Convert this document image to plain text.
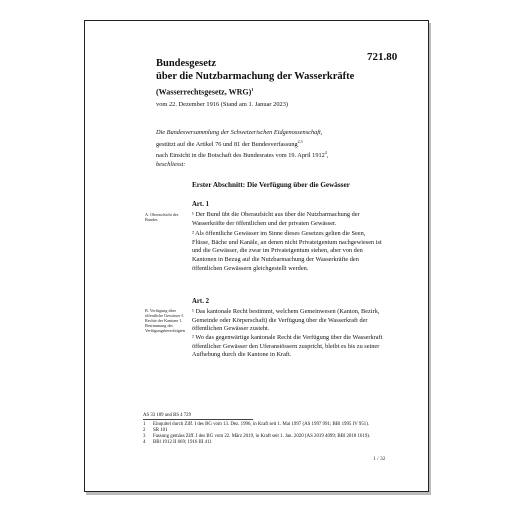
721.80
Bundesgesetz
über die Nutzbarmachung der Wasserkräfte
(Wasserrechtsgesetz, WRG)$^1$
vom 22. Dezember 1916 (Stand am 1. Januar 2023)
Die Bundesversammlung der Schweizerischen Eidgenossenschaft,
gestützt auf die Artikel 76 und 81 der Bundesverfassung$^{2,3}$
nach Einsicht in die Botschaft des Bundesrates vom 19. April 1912$^4$,
beschliesst:
Erster Abschnitt: Die Verfügung über die Gewässer
Art. 1
A. Oberaufsicht des Bundes
¹ Der Bund übt die Oberaufsicht aus über die Nutzbarmachung der Wasserkräfte der öffentlichen und der privaten Gewässer.
² Als öffentliche Gewässer im Sinne dieses Gesetzes gelten die Seen, Flüsse, Bäche und Kanäle, an denen nicht Privateigentum nachgewiesen ist und die Gewässer, die zwar im Privateigentum stehen, aber von den Kantonen in Bezug auf die Nutzbarmachung der Wasserkräfte den öffentlichen Gewässern gleichgestellt werden.
Art. 2
B. Verfügung über öffentliche Gewässer I. Rechte der Kantone 1. Bestimmung des Verfügungsberechtigten
¹ Das kantonale Recht bestimmt, welchem Gemeinwesen (Kanton, Bezirk, Gemeinde oder Körperschaft) die Verfügung über die Wasserkraft der öffentlichen Gewässer zusteht.
² Wo das gegenwärtige kantonale Recht die Verfügung über die Wasserkraft öffentlicher Gewässer den Uferanstössern zuspricht, bleibt es bis zu seiner Aufhebung durch die Kantone in Kraft.
AS 33 189 und BS 4 729
1	Einquitel durch Ziff. I des BG vom 13. Dez. 1996, in Kraft seit 1. Mai 1997 (AS 1997 991; BBl 1995 IV 951).
2	SR 101
3	Fassung gemäss Ziff. I des BG vom 22. März 2019, in Kraft seit 1. Jan. 2020 (AS 2019 4099; BBl 2018 1619).
4	BBl 1912 II 669; 1916 III 411
1 / 32
